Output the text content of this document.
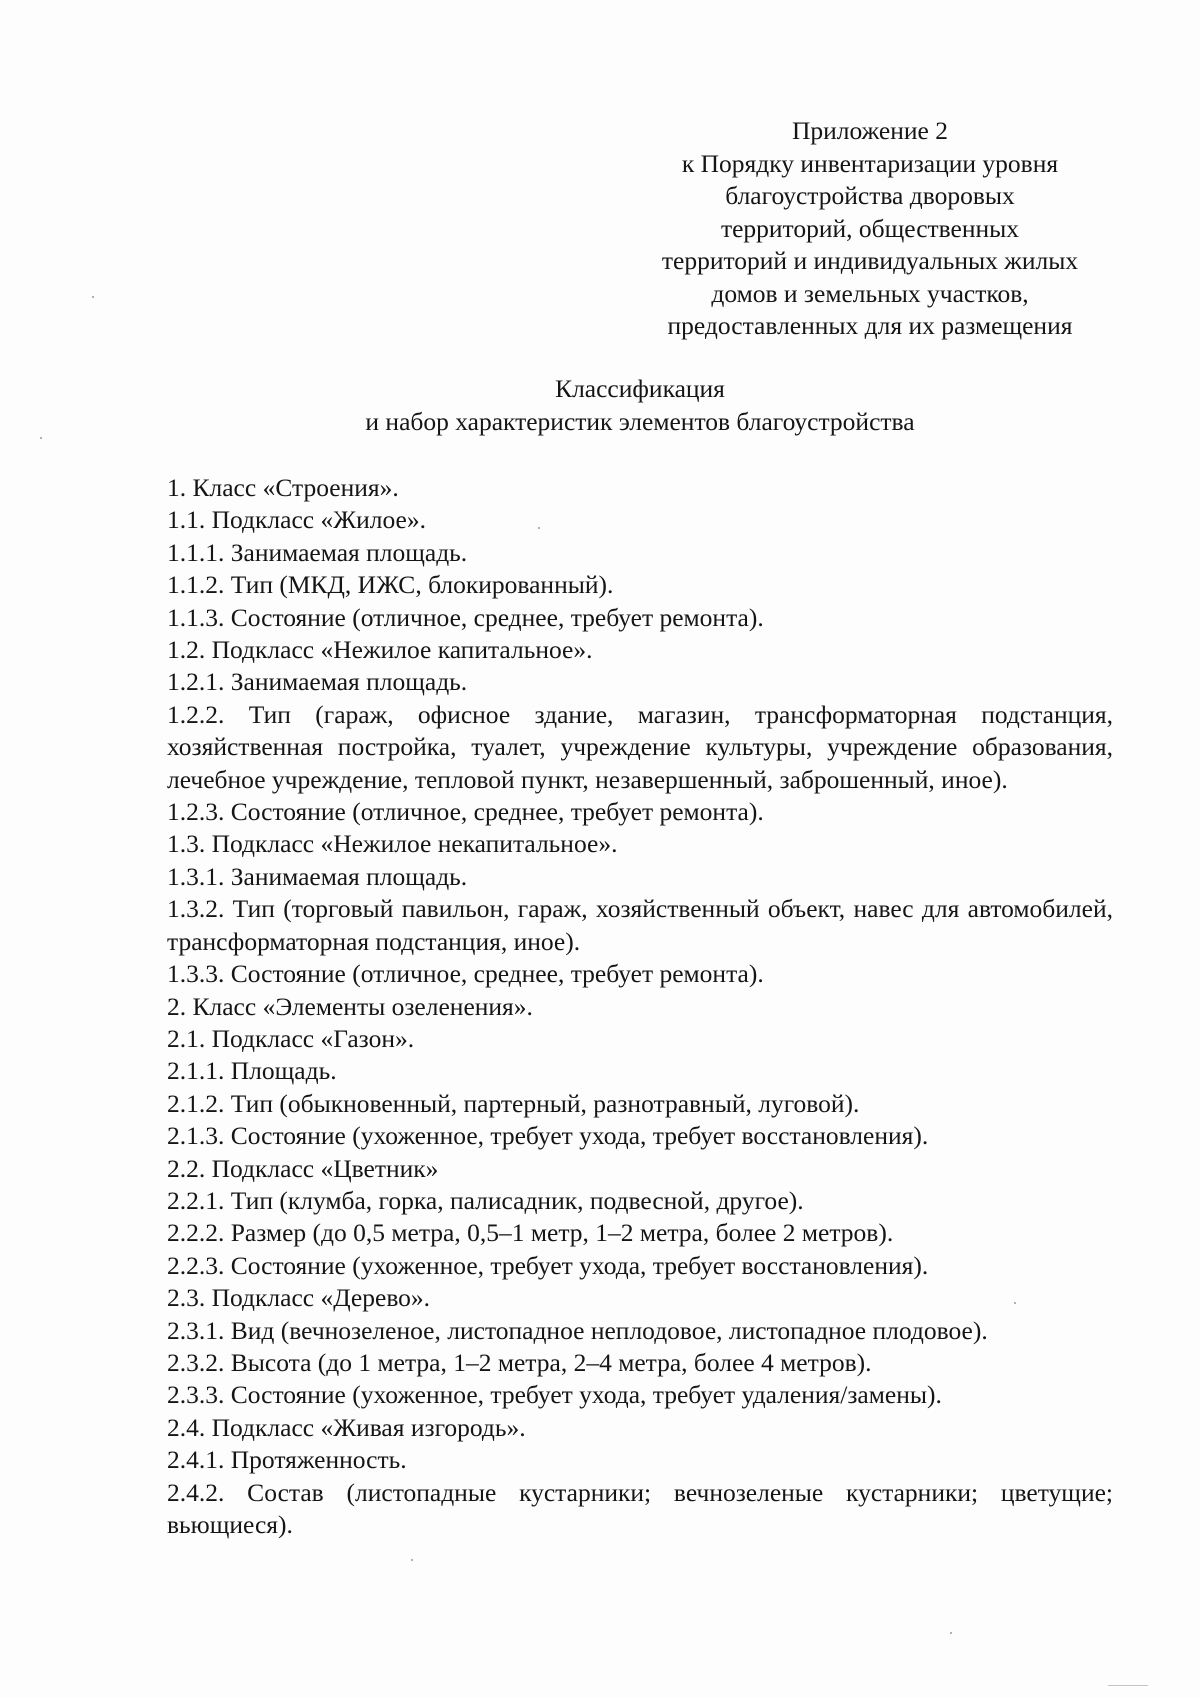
Приложение 2
к Порядку инвентаризации уровня
благоустройства дворовых
территорий, общественных
территорий и индивидуальных жилых
домов и земельных участков,
предоставленных для их размещения
Классификация
и набор характеристик элементов благоустройства
1. Класс «Строения».
1.1. Подкласс «Жилое».
1.1.1. Занимаемая площадь.
1.1.2. Тип (МКД, ИЖС, блокированный).
1.1.3. Состояние (отличное, среднее, требует ремонта).
1.2. Подкласс «Нежилое капитальное».
1.2.1. Занимаемая площадь.
1.2.2. Тип (гараж, офисное здание, магазин, трансформаторная подстанция, хозяйственная постройка, туалет, учреждение культуры, учреждение образования, лечебное учреждение, тепловой пункт, незавершенный, заброшенный, иное).
1.2.3. Состояние (отличное, среднее, требует ремонта).
1.3. Подкласс «Нежилое некапитальное».
1.3.1. Занимаемая площадь.
1.3.2. Тип (торговый павильон, гараж, хозяйственный объект, навес для автомобилей, трансформаторная подстанция, иное).
1.3.3. Состояние (отличное, среднее, требует ремонта).
2. Класс «Элементы озеленения».
2.1. Подкласс «Газон».
2.1.1. Площадь.
2.1.2. Тип (обыкновенный, партерный, разнотравный, луговой).
2.1.3. Состояние (ухоженное, требует ухода, требует восстановления).
2.2. Подкласс «Цветник»
2.2.1. Тип (клумба, горка, палисадник, подвесной, другое).
2.2.2. Размер (до 0,5 метра, 0,5–1 метр, 1–2 метра, более 2 метров).
2.2.3. Состояние (ухоженное, требует ухода, требует восстановления).
2.3. Подкласс «Дерево».
2.3.1. Вид (вечнозеленое, листопадное неплодовое, листопадное плодовое).
2.3.2. Высота (до 1 метра, 1–2 метра, 2–4 метра, более 4 метров).
2.3.3. Состояние (ухоженное, требует ухода, требует удаления/замены).
2.4. Подкласс «Живая изгородь».
2.4.1. Протяженность.
2.4.2. Состав (листопадные кустарники; вечнозеленые кустарники; цветущие; вьющиеся).
